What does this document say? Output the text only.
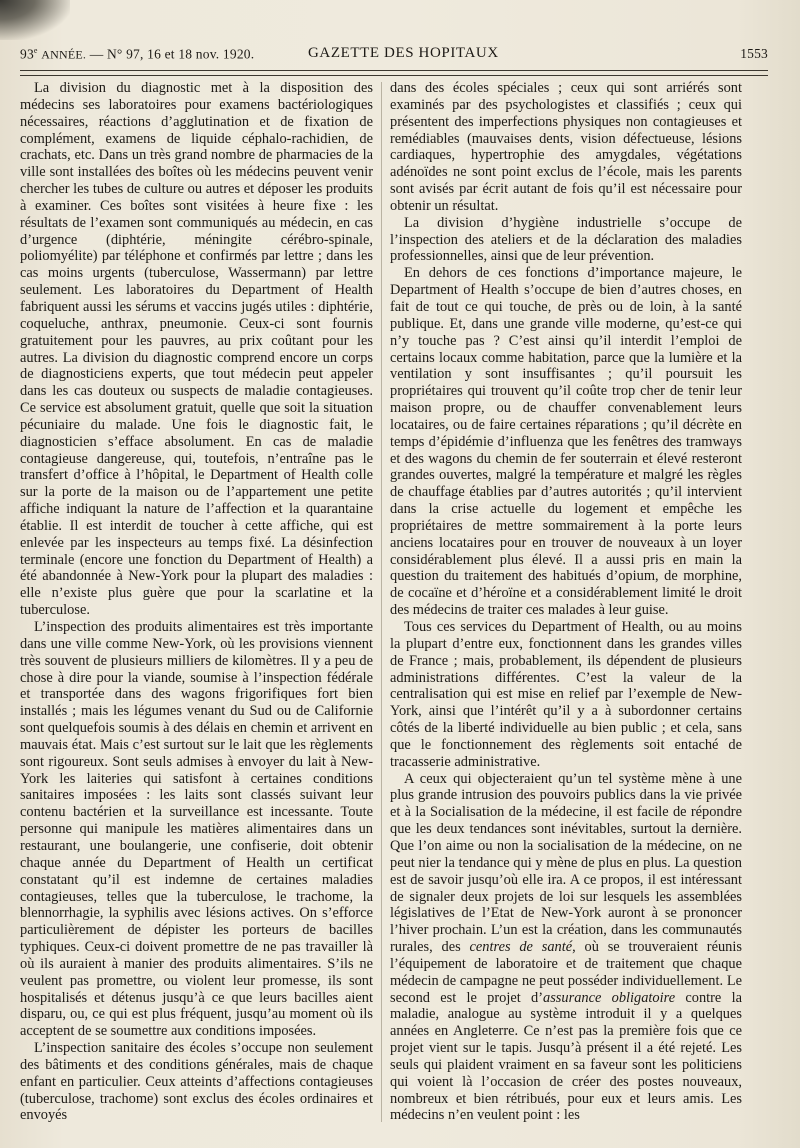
93e ANNÉE. — N° 97, 16 et 18 nov. 1920.	GAZETTE DES HOPITAUX	1553

La division du diagnostic met à la disposition des médecins ses laboratoires pour examens bactériologiques nécessaires, réactions d’agglutination et de fixation de complément, examens de liquide céphalo-rachidien, de crachats, etc. Dans un très grand nombre de pharmacies de la ville sont installées des boîtes où les médecins peuvent venir chercher les tubes de culture ou autres et déposer les produits à examiner. Ces boîtes sont visitées à heure fixe : les résultats de l’examen sont communiqués au médecin, en cas d’urgence (diphtérie, méningite cérébro-spinale, poliomyélite) par téléphone et confirmés par lettre ; dans les cas moins urgents (tuberculose, Wassermann) par lettre seulement. Les laboratoires du Department of Health fabriquent aussi les sérums et vaccins jugés utiles : diphtérie, coqueluche, anthrax, pneumonie. Ceux-ci sont fournis gratuitement pour les pauvres, au prix coûtant pour les autres. La division du diagnostic comprend encore un corps de diagnosticiens experts, que tout médecin peut appeler dans les cas douteux ou suspects de maladie contagieuses. Ce service est absolument gratuit, quelle que soit la situation pécuniaire du malade. Une fois le diagnostic fait, le diagnosticien s’efface absolument. En cas de maladie contagieuse dangereuse, qui, toutefois, n’entraîne pas le transfert d’office à l’hôpital, le Department of Health colle sur la porte de la maison ou de l’appartement une petite affiche indiquant la nature de l’affection et la quarantaine établie. Il est interdit de toucher à cette affiche, qui est enlevée par les inspecteurs au temps fixé. La désinfection terminale (encore une fonction du Department of Health) a été abandonnée à New-York pour la plupart des maladies : elle n’existe plus guère que pour la scarlatine et la tuberculose.

L’inspection des produits alimentaires est très importante dans une ville comme New-York, où les provisions viennent très souvent de plusieurs milliers de kilomètres. Il y a peu de chose à dire pour la viande, soumise à l’inspection fédérale et transportée dans des wagons frigorifiques fort bien installés ; mais les légumes venant du Sud ou de Californie sont quelquefois soumis à des délais en chemin et arrivent en mauvais état. Mais c’est surtout sur le lait que les règlements sont rigoureux. Sont seuls admises à envoyer du lait à New-York les laiteries qui satisfont à certaines conditions sanitaires imposées : les laits sont classés suivant leur contenu bactérien et la surveillance est incessante. Toute personne qui manipule les matières alimentaires dans un restaurant, une boulangerie, une confiserie, doit obtenir chaque année du Department of Health un certificat constatant qu’il est indemne de certaines maladies contagieuses, telles que la tuberculose, le trachome, la blennorrhagie, la syphilis avec lésions actives. On s’efforce particulièrement de dépister les porteurs de bacilles typhiques. Ceux-ci doivent promettre de ne pas travailler là où ils auraient à manier des produits alimentaires. S’ils ne veulent pas promettre, ou violent leur promesse, ils sont hospitalisés et détenus jusqu’à ce que leurs bacilles aient disparu, ou, ce qui est plus fréquent, jusqu’au moment où ils acceptent de se soumettre aux conditions imposées.

L’inspection sanitaire des écoles s’occupe non seulement des bâtiments et des conditions générales, mais de chaque enfant en particulier. Ceux atteints d’affections contagieuses (tuberculose, trachome) sont exclus des écoles ordinaires et envoyés

dans des écoles spéciales ; ceux qui sont arriérés sont examinés par des psychologistes et classifiés ; ceux qui présentent des imperfections physiques non contagieuses et remédiables (mauvaises dents, vision défectueuse, lésions cardiaques, hypertrophie des amygdales, végétations adénoïdes ne sont point exclus de l’école, mais les parents sont avisés par écrit autant de fois qu’il est nécessaire pour obtenir un résultat.

La division d’hygiène industrielle s’occupe de l’inspection des ateliers et de la déclaration des maladies professionnelles, ainsi que de leur prévention.

En dehors de ces fonctions d’importance majeure, le Department of Health s’occupe de bien d’autres choses, en fait de tout ce qui touche, de près ou de loin, à la santé publique. Et, dans une grande ville moderne, qu’est-ce qui n’y touche pas ? C’est ainsi qu’il interdit l’emploi de certains locaux comme habitation, parce que la lumière et la ventilation y sont insuffisantes ; qu’il poursuit les propriétaires qui trouvent qu’il coûte trop cher de tenir leur maison propre, ou de chauffer convenablement leurs locataires, ou de faire certaines réparations ; qu’il décrète en temps d’épidémie d’influenza que les fenêtres des tramways et des wagons du chemin de fer souterrain et élevé resteront grandes ouvertes, malgré la température et malgré les règles de chauffage établies par d’autres autorités ; qu’il intervient dans la crise actuelle du logement et empêche les propriétaires de mettre sommairement à la porte leurs anciens locataires pour en trouver de nouveaux à un loyer considérablement plus élevé. Il a aussi pris en main la question du traitement des habitués d’opium, de morphine, de cocaïne et d’héroïne et a considérablement limité le droit des médecins de traiter ces malades à leur guise.

Tous ces services du Department of Health, ou au moins la plupart d’entre eux, fonctionnent dans les grandes villes de France ; mais, probablement, ils dépendent de plusieurs administrations différentes. C’est la valeur de la centralisation qui est mise en relief par l’exemple de New-York, ainsi que l’intérêt qu’il y a à subordonner certains côtés de la liberté individuelle au bien public ; et cela, sans que le fonctionnement des règlements soit entaché de tracasserie administrative.

A ceux qui objecteraient qu’un tel système mène à une plus grande intrusion des pouvoirs publics dans la vie privée et à la Socialisation de la médecine, il est facile de répondre que les deux tendances sont inévitables, surtout la dernière. Que l’on aime ou non la socialisation de la médecine, on ne peut nier la tendance qui y mène de plus en plus. La question est de savoir jusqu’où elle ira. A ce propos, il est intéressant de signaler deux projets de loi sur lesquels les assemblées législatives de l’Etat de New-York auront à se prononcer l’hiver prochain. L’un est la création, dans les communautés rurales, des centres de santé, où se trouveraient réunis l’équipement de laboratoire et de traitement que chaque médecin de campagne ne peut posséder individuellement. Le second est le projet d’assurance obligatoire contre la maladie, analogue au système introduit il y a quelques années en Angleterre. Ce n’est pas la première fois que ce projet vient sur le tapis. Jusqu’à présent il a été rejeté. Les seuls qui plaident vraiment en sa faveur sont les politiciens qui voient là l’occasion de créer des postes nouveaux, nombreux et bien rétribués, pour eux et leurs amis. Les médecins n’en veulent point : les
